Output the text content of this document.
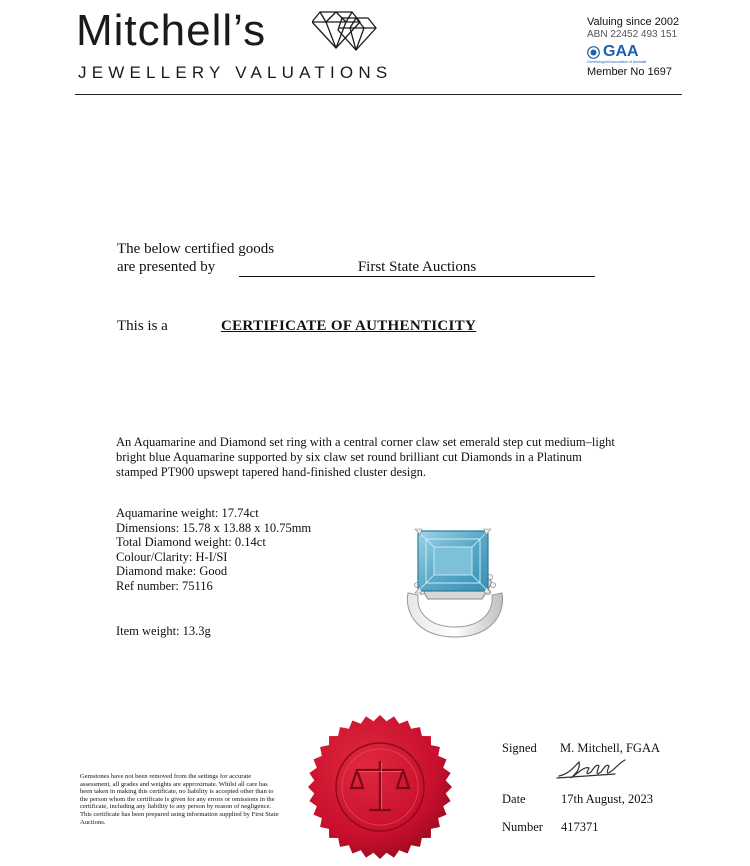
Mitchell’s
JEWELLERY VALUATIONS
Valuing since 2002
ABN 22452 493 151
GAA
Gemmological Association of Australia
Member No 1697
The below certified goods
are presented by	First State Auctions
This is a	CERTIFICATE OF AUTHENTICITY
An Aquamarine and Diamond set ring with a central corner claw set emerald step cut medium–light bright blue Aquamarine supported by six claw set round brilliant cut Diamonds in a Platinum stamped PT900 upswept tapered hand-finished cluster design.
Aquamarine weight: 17.74ct
Dimensions: 15.78 x 13.88 x 10.75mm
Total Diamond weight: 0.14ct
Colour/Clarity: H-I/SI
Diamond make: Good
Ref number: 75116
Item weight: 13.3g
Gemstones have not been removed from the settings for accurate assessment, all grades and weights are approximate. Whilst all care has been taken in making this certificate, no liability is accepted other than to the person whom the certificate is given for any errors or omissions in the certificate, including any liability to any person by reason of negligence. This certificate has been prepared using information supplied by First State Auctions.
Signed M. Mitchell, FGAA
Date	17th August, 2023
Number 417371
